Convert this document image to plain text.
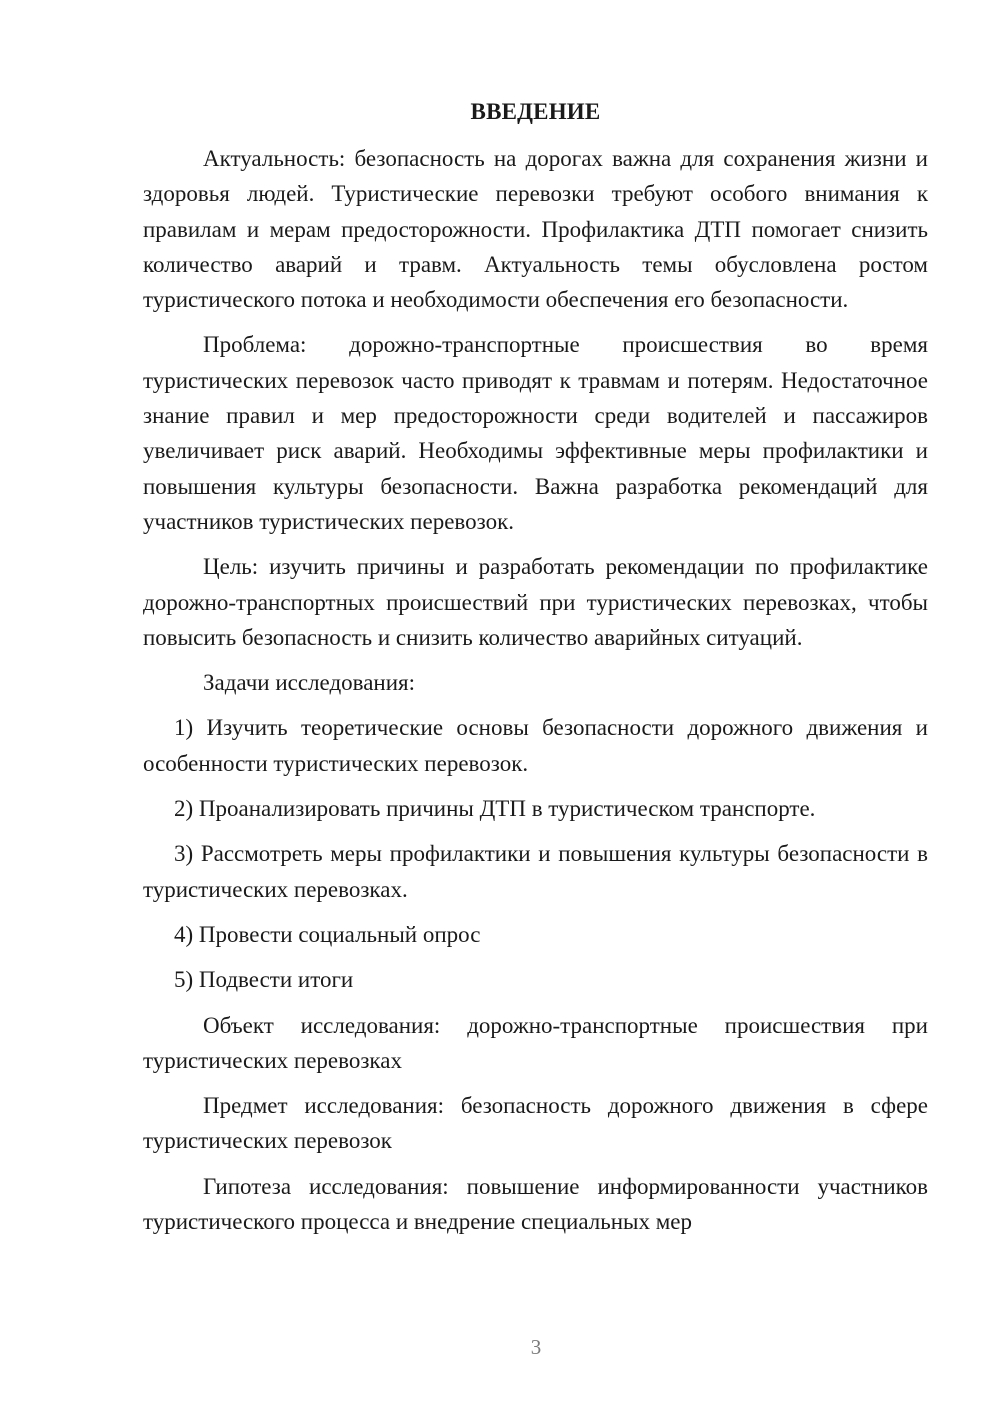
ВВЕДЕНИЕ

Актуальность: безопасность на дорогах важна для сохранения жизни и здоровья людей. Туристические перевозки требуют особого внимания к правилам и мерам предосторожности. Профилактика ДТП помогает снизить количество аварий и травм. Актуальность темы обусловлена ростом туристического потока и необходимости обеспечения его безопасности.

Проблема: дорожно-транспортные происшествия во время туристических перевозок часто приводят к травмам и потерям. Недостаточное знание правил и мер предосторожности среди водителей и пассажиров увеличивает риск аварий. Необходимы эффективные меры профилактики и повышения культуры безопасности. Важна разработка рекомендаций для участников туристических перевозок.

Цель: изучить причины и разработать рекомендации по профилактике дорожно-транспортных происшествий при туристических перевозках, чтобы повысить безопасность и снизить количество аварийных ситуаций.

Задачи исследования:

1) Изучить теоретические основы безопасности дорожного движения и особенности туристических перевозок.

2) Проанализировать причины ДТП в туристическом транспорте.

3) Рассмотреть меры профилактики и повышения культуры безопасности в туристических перевозках.

4) Провести социальный опрос

5) Подвести итоги

Объект исследования: дорожно-транспортные происшествия при туристических перевозках

Предмет исследования: безопасность дорожного движения в сфере туристических перевозок

Гипотеза исследования: повышение информированности участников туристического процесса и внедрение специальных мер

3
